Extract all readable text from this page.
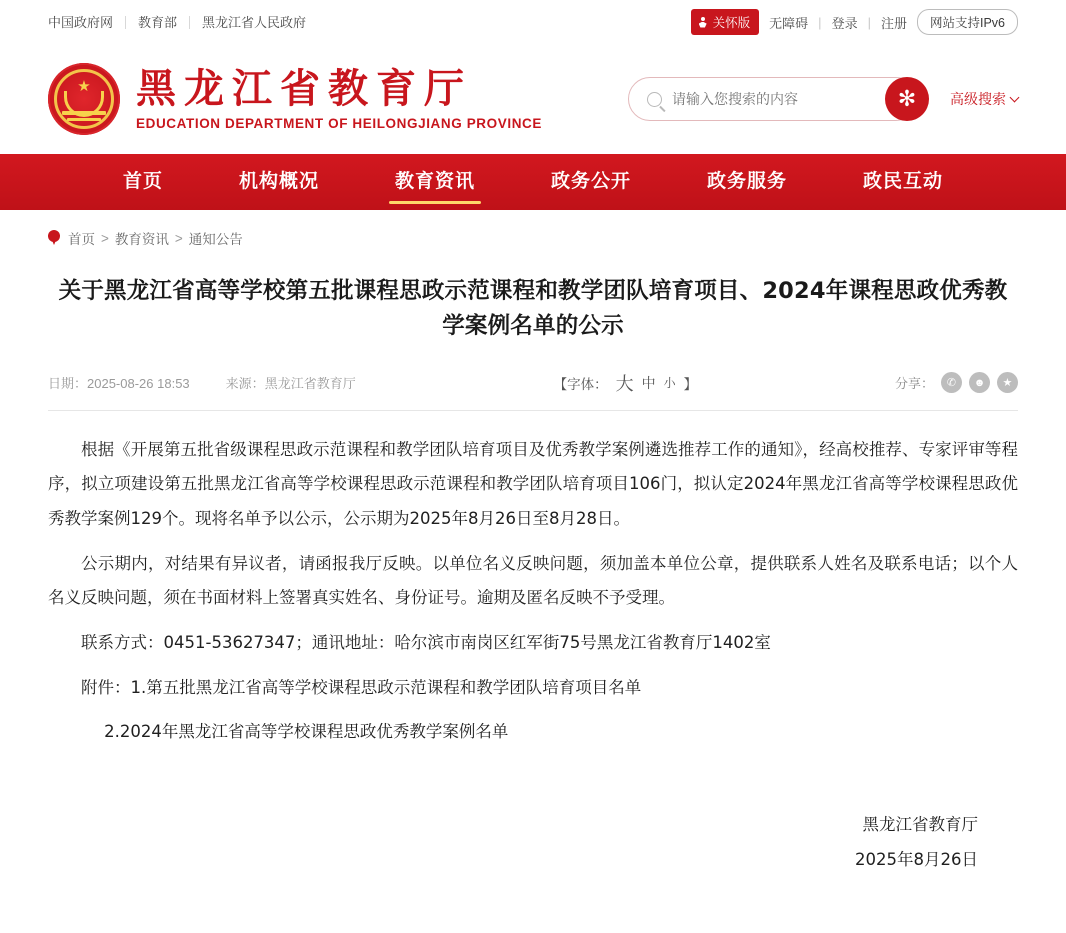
中国政府网	教育部	黑龙江省人民政府	关怀版 无障碍 | 登录 | 注册	网站支持IPv6
★ 黑龙江省教育厅
EDUCATION DEPARTMENT OF HEILONGJIANG PROVINCE
请输入您搜索的内容
✻ 高级搜索
首页	机构概况	教育资讯	政务公开	政务服务	政民互动
首页 > 教育资讯 > 通知公告
关于黑龙江省高等学校第五批课程思政示范课程和教学团队培育项目、2024年课程思政优秀教学案例名单的公示
日期：2025-08-26 18:53	来源：黑龙江省教育厅	【字体： 大 中 小 】	分享：	✆	☻	★

根据《开展第五批省级课程思政示范课程和教学团队培育项目及优秀教学案例遴选推荐工作的通知》，经高校推荐、专家评审等程序，拟立项建设第五批黑龙江省高等学校课程思政示范课程和教学团队培育项目106门，拟认定2024年黑龙江省高等学校课程思政优秀教学案例129个。现将名单予以公示，公示期为2025年8月26日至8月28日。

公示期内，对结果有异议者，请函报我厅反映。以单位名义反映问题，须加盖本单位公章，提供联系人姓名及联系电话；以个人名义反映问题，须在书面材料上签署真实姓名、身份证号。逾期及匿名反映不予受理。

联系方式：0451-53627347；通讯地址：哈尔滨市南岗区红军街75号黑龙江省教育厅1402室

附件：1.第五批黑龙江省高等学校课程思政示范课程和教学团队培育项目名单

2.2024年黑龙江省高等学校课程思政优秀教学案例名单

黑龙江省教育厅

2025年8月26日
